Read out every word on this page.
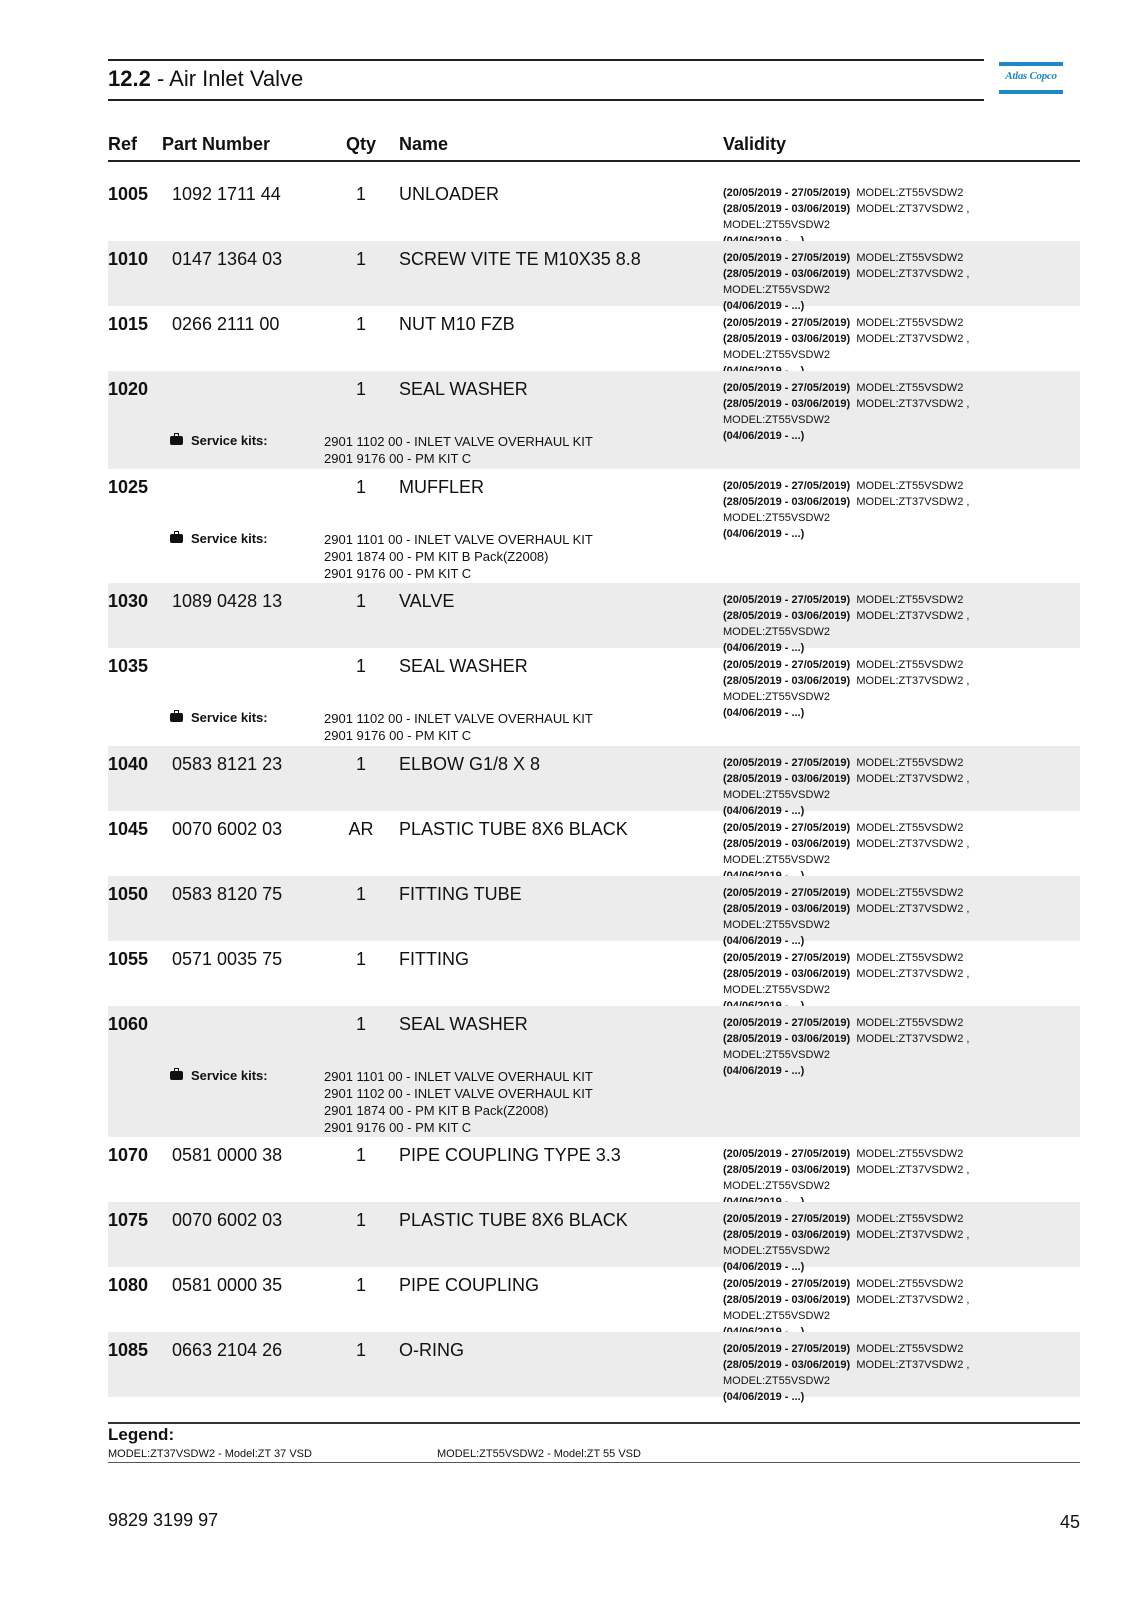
12.2 - Air Inlet Valve	Atlas Copco
Ref Part Number	Qty Name	Validity
1005 1092 1711 44	1	UNLOADER	(20/05/2019 - 27/05/2019) MODEL:ZT55VSDW2
(28/05/2019 - 03/06/2019) MODEL:ZT37VSDW2 ,
MODEL:ZT55VSDW2
1010 0147 1364 03	1	SCREW VITE TE M10X35 8.8	(20/05/2019 - 27/05/2019) MODEL:ZT55VSDW2
(28/05/2019 - 03/06/2019) MODEL:ZT37VSDW2 ,
MODEL:ZT55VSDW2
(04/06/2019 - ...)
1015 0266 2111 00	1	NUT M10 FZB	(20/05/2019 - 27/05/2019) MODEL:ZT55VSDW2
(28/05/2019 - 03/06/2019) MODEL:ZT37VSDW2 ,
MODEL:ZT55VSDW2
1020	1	SEAL WASHER	(20/05/2019 - 27/05/2019) MODEL:ZT55VSDW2
(28/05/2019 - 03/06/2019) MODEL:ZT37VSDW2 ,
MODEL:ZT55VSDW2
(04/06/2019 - ...)
Service kits:	2901 1102 00 - INLET VALVE OVERHAUL KIT
2901 9176 00 - PM KIT C
1025	1	MUFFLER	(20/05/2019 - 27/05/2019) MODEL:ZT55VSDW2
(28/05/2019 - 03/06/2019) MODEL:ZT37VSDW2 ,
MODEL:ZT55VSDW2
(04/06/2019 - ...)
Service kits:	2901 1101 00 - INLET VALVE OVERHAUL KIT
2901 1874 00 - PM KIT B Pack(Z2008)
2901 9176 00 - PM KIT C
1030 1089 0428 13	1	VALVE	(20/05/2019 - 27/05/2019) MODEL:ZT55VSDW2
(28/05/2019 - 03/06/2019) MODEL:ZT37VSDW2 ,
MODEL:ZT55VSDW2
(04/06/2019 - ...)
1035	1	SEAL WASHER	(20/05/2019 - 27/05/2019) MODEL:ZT55VSDW2
(28/05/2019 - 03/06/2019) MODEL:ZT37VSDW2 ,
MODEL:ZT55VSDW2
(04/06/2019 - ...)
Service kits:	2901 1102 00 - INLET VALVE OVERHAUL KIT
2901 9176 00 - PM KIT C
1040 0583 8121 23	1	ELBOW G1/8 X 8	(20/05/2019 - 27/05/2019) MODEL:ZT55VSDW2
(28/05/2019 - 03/06/2019) MODEL:ZT37VSDW2 ,
MODEL:ZT55VSDW2
(04/06/2019 - ...)
1045 0070 6002 03	AR PLASTIC TUBE 8X6 BLACK	(20/05/2019 - 27/05/2019) MODEL:ZT55VSDW2
(28/05/2019 - 03/06/2019) MODEL:ZT37VSDW2 ,
MODEL:ZT55VSDW2
1050 0583 8120 75	1	FITTING TUBE	(20/05/2019 - 27/05/2019) MODEL:ZT55VSDW2
(28/05/2019 - 03/06/2019) MODEL:ZT37VSDW2 ,
MODEL:ZT55VSDW2
(04/06/2019 - ...)
1055 0571 0035 75	1	FITTING	(20/05/2019 - 27/05/2019) MODEL:ZT55VSDW2
(28/05/2019 - 03/06/2019) MODEL:ZT37VSDW2 ,
MODEL:ZT55VSDW2
1060	1	SEAL WASHER	(20/05/2019 - 27/05/2019) MODEL:ZT55VSDW2
(28/05/2019 - 03/06/2019) MODEL:ZT37VSDW2 ,
MODEL:ZT55VSDW2
(04/06/2019 - ...)
Service kits:	2901 1101 00 - INLET VALVE OVERHAUL KIT
2901 1102 00 - INLET VALVE OVERHAUL KIT
2901 1874 00 - PM KIT B Pack(Z2008)
2901 9176 00 - PM KIT C
1070 0581 0000 38	1	PIPE COUPLING TYPE 3.3	(20/05/2019 - 27/05/2019) MODEL:ZT55VSDW2
(28/05/2019 - 03/06/2019) MODEL:ZT37VSDW2 ,
MODEL:ZT55VSDW2
1075 0070 6002 03	1	PLASTIC TUBE 8X6 BLACK	(20/05/2019 - 27/05/2019) MODEL:ZT55VSDW2
(28/05/2019 - 03/06/2019) MODEL:ZT37VSDW2 ,
MODEL:ZT55VSDW2
(04/06/2019 - ...)
1080 0581 0000 35	1	PIPE COUPLING	(20/05/2019 - 27/05/2019) MODEL:ZT55VSDW2
(28/05/2019 - 03/06/2019) MODEL:ZT37VSDW2 ,
MODEL:ZT55VSDW2
1085 0663 2104 26	1	O-RING	(20/05/2019 - 27/05/2019) MODEL:ZT55VSDW2
(28/05/2019 - 03/06/2019) MODEL:ZT37VSDW2 ,
MODEL:ZT55VSDW2
(04/06/2019 - ...)
Legend:
MODEL:ZT37VSDW2 - Model:ZT 37 VSD	MODEL:ZT55VSDW2 - Model:ZT 55 VSD
9829 3199 97	45
